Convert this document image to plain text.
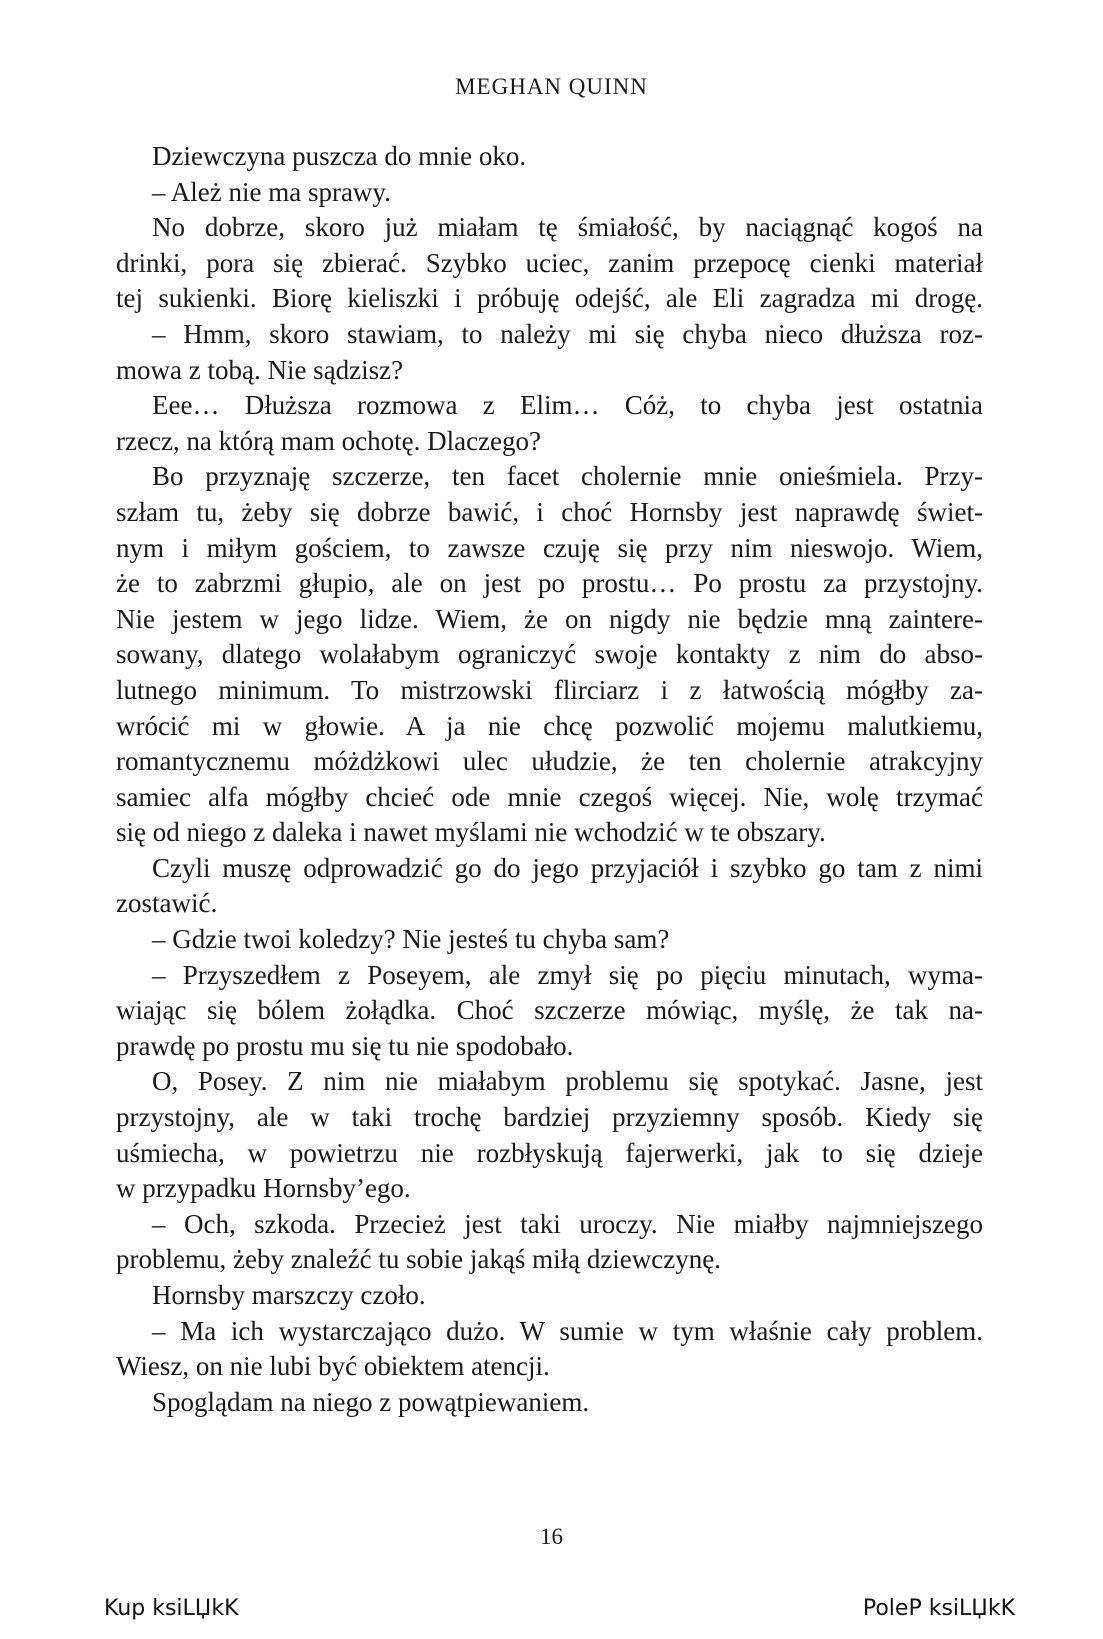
MEGHAN QUINN
Dziewczyna puszcza do mnie oko.
– Ależ nie ma sprawy.
No dobrze, skoro już miałam tę śmiałość, by naciągnąć kogoś na
drinki, pora się zbierać. Szybko uciec, zanim przepocę cienki materiał
tej sukienki. Biorę kieliszki i próbuję odejść, ale Eli zagradza mi drogę.
– Hmm, skoro stawiam, to należy mi się chyba nieco dłuższa roz-
mowa z tobą. Nie sądzisz?
Eee… Dłuższa rozmowa z Elim… Cóż, to chyba jest ostatnia
rzecz, na którą mam ochotę. Dlaczego?
Bo przyznaję szczerze, ten facet cholernie mnie onieśmiela. Przy-
szłam tu, żeby się dobrze bawić, i choć Hornsby jest naprawdę świet-
nym i miłym gościem, to zawsze czuję się przy nim nieswojo. Wiem,
że to zabrzmi głupio, ale on jest po prostu… Po prostu za przystojny.
Nie jestem w jego lidze. Wiem, że on nigdy nie będzie mną zaintere-
sowany, dlatego wolałabym ograniczyć swoje kontakty z nim do abso-
lutnego minimum. To mistrzowski flirciarz i z łatwością mógłby za-
wrócić mi w głowie. A ja nie chcę pozwolić mojemu malutkiemu,
romantycznemu móżdżkowi ulec ułudzie, że ten cholernie atrakcyjny
samiec alfa mógłby chcieć ode mnie czegoś więcej. Nie, wolę trzymać
się od niego z daleka i nawet myślami nie wchodzić w te obszary.
Czyli muszę odprowadzić go do jego przyjaciół i szybko go tam z nimi
zostawić.
– Gdzie twoi koledzy? Nie jesteś tu chyba sam?
– Przyszedłem z Poseyem, ale zmył się po pięciu minutach, wyma-
wiając się bólem żołądka. Choć szczerze mówiąc, myślę, że tak na-
prawdę po prostu mu się tu nie spodobało.
O, Posey. Z nim nie miałabym problemu się spotykać. Jasne, jest
przystojny, ale w taki trochę bardziej przyziemny sposób. Kiedy się
uśmiecha, w powietrzu nie rozbłyskują fajerwerki, jak to się dzieje
w przypadku Hornsby’ego.
– Och, szkoda. Przecież jest taki uroczy. Nie miałby najmniejszego
problemu, żeby znaleźć tu sobie jakąś miłą dziewczynę.
Hornsby marszczy czoło.
– Ma ich wystarczająco dużo. W sumie w tym właśnie cały problem.
Wiesz, on nie lubi być obiektem atencji.
Spoglądam na niego z powątpiewaniem.
16
Kup ksiLЏkK	PoleP ksiLЏkK
